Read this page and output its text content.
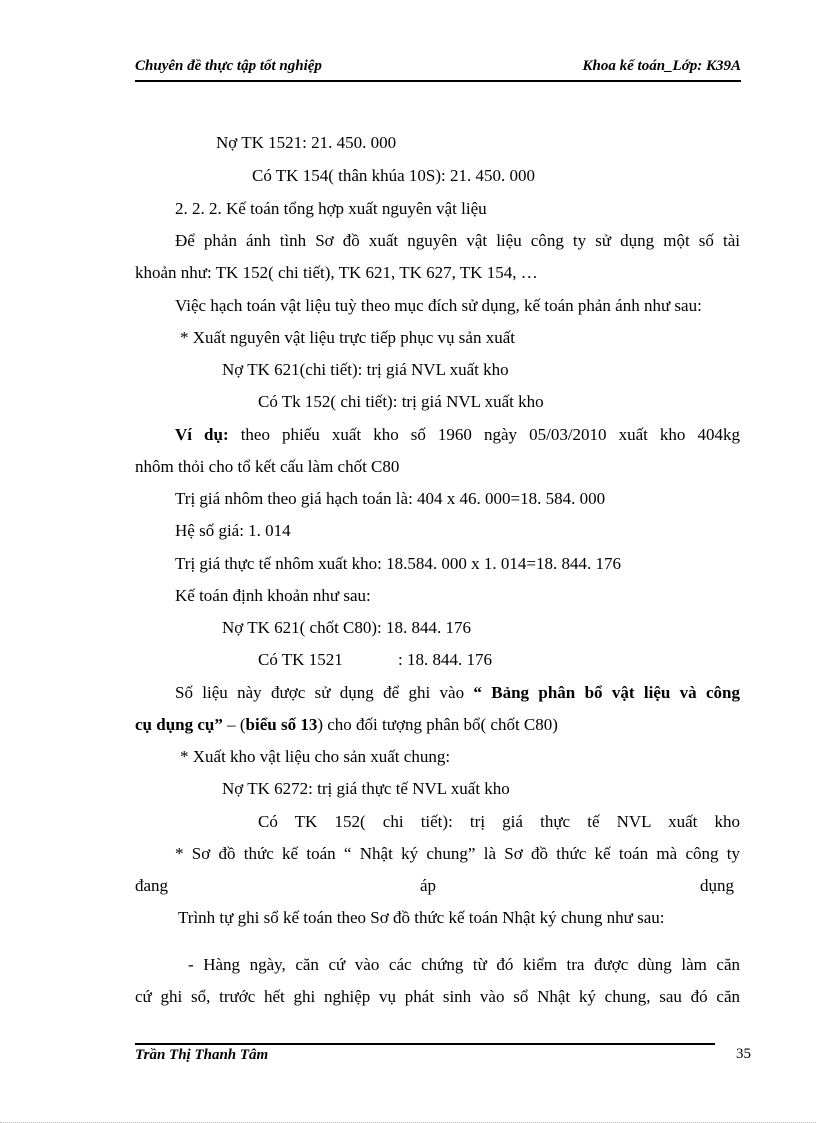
Chuyên đề thực tập tốt nghiệp	Khoa kế toán_Lớp: K39A
Nợ TK 1521: 21. 450. 000
Có TK 154( thân khúa 10S): 21. 450. 000
2. 2. 2. Kế toán tổng hợp xuất nguyên vật liệu
Để phản ánh tình Sơ đồ xuất nguyên vật liệu công ty sử dụng một số tài
khoản như: TK 152( chi tiết), TK 621, TK 627, TK 154, …
Việc hạch toán vật liệu tuỳ theo mục đích sử dụng, kế toán phản ánh như sau:
* Xuất nguyên vật liệu trực tiếp phục vụ sản xuất
Nợ TK 621(chi tiết): trị giá NVL xuất kho
Có Tk 152( chi tiết): trị giá NVL xuất kho
Ví dụ: theo phiếu xuất kho số 1960 ngày 05/03/2010 xuất kho 404kg
nhôm thỏi cho tổ kết cấu làm chốt C80
Trị giá nhôm theo giá hạch toán là: 404 x 46. 000=18. 584. 000
Hệ số giá: 1. 014
Trị giá thực tế nhôm xuất kho: 18.584. 000 x 1. 014=18. 844. 176
Kế toán định khoản như sau:
Nợ TK 621( chốt C80): 18. 844. 176
Có TK 1521	: 18. 844. 176
Số liệu này được sử dụng để ghi vào “ Bảng phân bổ vật liệu và công
cụ dụng cụ” – (biểu số 13) cho đối tượng phân bổ( chốt C80)
* Xuất kho vật liệu cho sản xuất chung:
Nợ TK 6272: trị giá thực tế NVL xuất kho
Có TK 152( chi tiết): trị giá thực tế NVL xuất kho
* Sơ đồ thức kế toán “ Nhật ký chung” là Sơ đồ thức kế toán mà công ty
đang	áp	dụng
Trình tự ghi sổ kế toán theo Sơ đồ thức kế toán Nhật ký chung như sau:
- Hàng ngày, căn cứ vào các chứng từ đó kiểm tra được dùng làm căn
cứ ghi sổ, trước hết ghi nghiệp vụ phát sinh vào sổ Nhật ký chung, sau đó căn
Trần Thị Thanh Tâm	35
